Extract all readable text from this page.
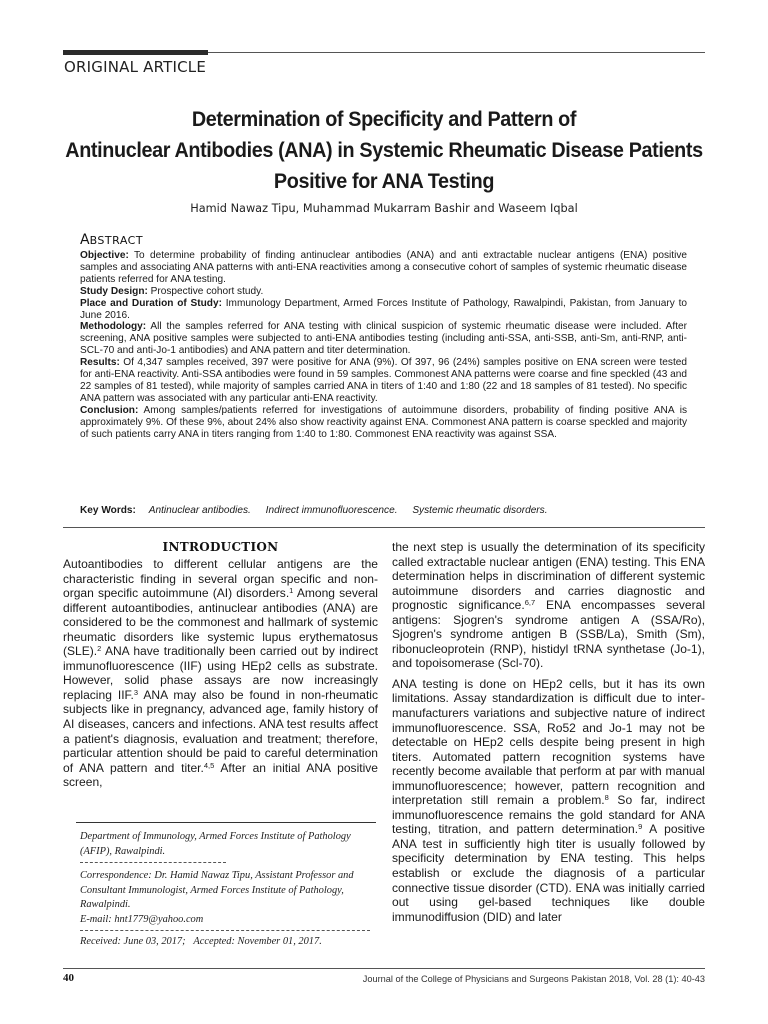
ORIGINAL ARTICLE
Determination of Specificity and Pattern of
Antinuclear Antibodies (ANA) in Systemic Rheumatic Disease Patients
Positive for ANA Testing
Hamid Nawaz Tipu, Muhammad Mukarram Bashir and Waseem Iqbal
ABSTRACT

Objective: To determine probability of finding antinuclear antibodies (ANA) and anti extractable nuclear antigens (ENA) positive samples and associating ANA patterns with anti-ENA reactivities among a consecutive cohort of samples of systemic rheumatic disease patients referred for ANA testing.

Study Design: Prospective cohort study.

Place and Duration of Study: Immunology Department, Armed Forces Institute of Pathology, Rawalpindi, Pakistan, from January to June 2016.

Methodology: All the samples referred for ANA testing with clinical suspicion of systemic rheumatic disease were included. After screening, ANA positive samples were subjected to anti-ENA antibodies testing (including anti-SSA, anti-SSB, anti-Sm, anti-RNP, anti-SCL-70 and anti-Jo-1 antibodies) and ANA pattern and titer determination.

Results: Of 4,347 samples received, 397 were positive for ANA (9%). Of 397, 96 (24%) samples positive on ENA screen were tested for anti-ENA reactivity. Anti-SSA antibodies were found in 59 samples. Commonest ANA patterns were coarse and fine speckled (43 and 22 samples of 81 tested), while majority of samples carried ANA in titers of 1:40 and 1:80 (22 and 18 samples of 81 tested). No specific ANA pattern was associated with any particular anti-ENA reactivity.

Conclusion: Among samples/patients referred for investigations of autoimmune disorders, probability of finding positive ANA is approximately 9%. Of these 9%, about 24% also show reactivity against ENA. Commonest ANA pattern is coarse speckled and majority of such patients carry ANA in titers ranging from 1:40 to 1:80. Commonest ENA reactivity was against SSA.

Key Words: Antinuclear antibodies. Indirect immunofluorescence. Systemic rheumatic disorders.
INTRODUCTION

Autoantibodies to different cellular antigens are the characteristic finding in several organ specific and non-organ specific autoimmune (AI) disorders.$^1$ Among several different autoantibodies, antinuclear antibodies (ANA) are considered to be the commonest and hallmark of systemic rheumatic disorders like systemic lupus erythematosus (SLE).$^2$ ANA have traditionally been carried out by indirect immunofluorescence (IIF) using HEp2 cells as substrate. However, solid phase assays are now increasingly replacing IIF.$^3$ ANA may also be found in non-rheumatic subjects like in pregnancy, advanced age, family history of AI diseases, cancers and infections. ANA test results affect a patient's diagnosis, evaluation and treatment; therefore, particular attention should be paid to careful determination of ANA pattern and titer.$^{4,5}$ After an initial ANA positive screen,

the next step is usually the determination of its specificity called extractable nuclear antigen (ENA) testing. This ENA determination helps in discrimination of different systemic autoimmune disorders and carries diagnostic and prognostic significance.$^{6,7}$ ENA encompasses several antigens: Sjogren's syndrome antigen A (SSA/Ro), Sjogren's syndrome antigen B (SSB/La), Smith (Sm), ribonucleoprotein (RNP), histidyl tRNA synthetase (Jo-1), and topoisomerase (Scl-70).

ANA testing is done on HEp2 cells, but it has its own limitations. Assay standardization is difficult due to inter-manufacturers variations and subjective nature of indirect immunofluorescence. SSA, Ro52 and Jo-1 may not be detectable on HEp2 cells despite being present in high titers. Automated pattern recognition systems have recently become available that perform at par with manual immunofluorescence; however, pattern recognition and interpretation still remain a problem.$^8$ So far, indirect immunofluorescence remains the gold standard for ANA testing, titration, and pattern determination.$^9$ A positive ANA test in sufficiently high titer is usually followed by specificity determination by ENA testing. This helps establish or exclude the diagnosis of a particular connective tissue disorder (CTD). ENA was initially carried out using gel-based techniques like double immunodiffusion (DID) and later

Department of Immunology, Armed Forces Institute of Pathology (AFIP), Rawalpindi.
Correspondence: Dr. Hamid Nawaz Tipu, Assistant Professor and Consultant Immunologist, Armed Forces Institute of Pathology, Rawalpindi.
E-mail: hnt1779@yahoo.com
Received: June 03, 2017; Accepted: November 01, 2017.
40	Journal of the College of Physicians and Surgeons Pakistan 2018, Vol. 28 (1): 40-43
